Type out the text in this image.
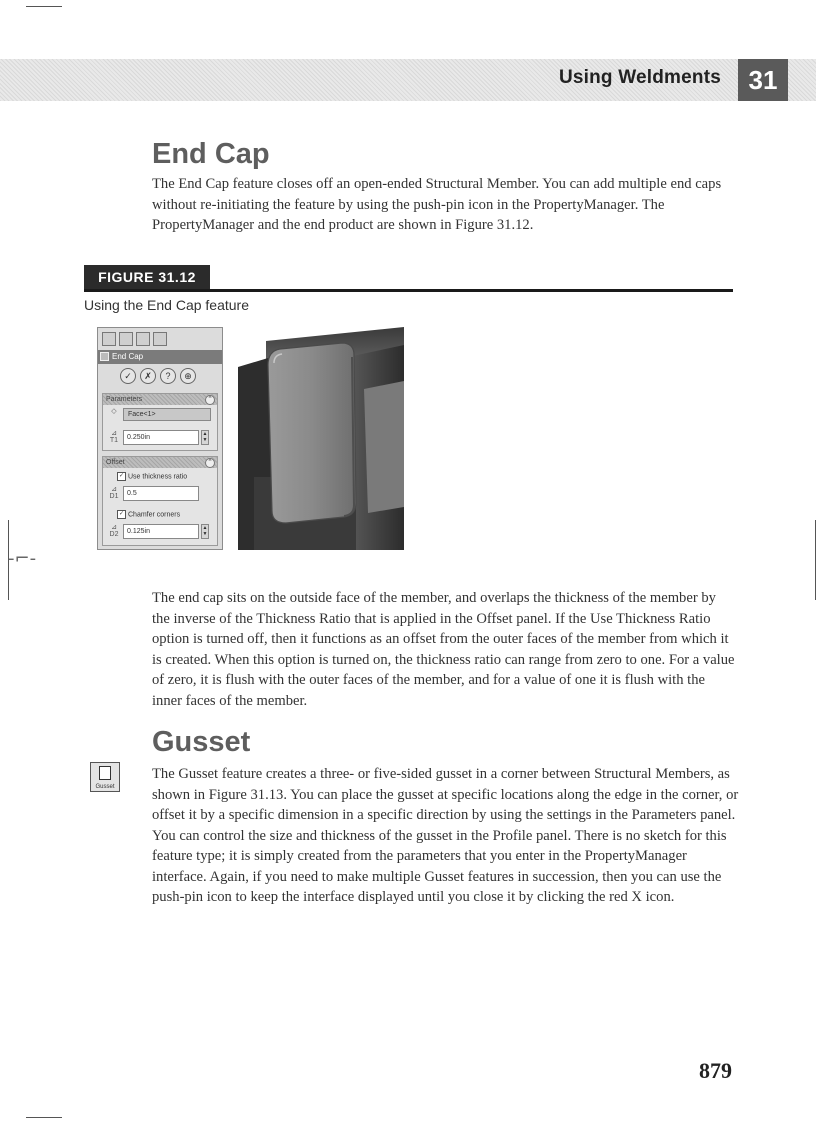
Using Weldments	31
End Cap

The End Cap feature closes off an open-ended Structural Member. You can add multiple end caps without re-initiating the feature by using the push-pin icon in the PropertyManager. The PropertyManager and the end product are shown in Figure 31.12.

FIGURE 31.12
Using the End Cap feature
End Cap
✓	✗	?	⊕
Parameters	^
◇	Face<1>
⊿
T1	0.250in	▲
▼
Offset	^
✓ Use thickness ratio
⊿
D1	0.5
✓ Chamfer corners
⊿
D2	0.125in	▲
▼
-⌐-

The end cap sits on the outside face of the member, and overlaps the thickness of the member by the inverse of the Thickness Ratio that is applied in the Offset panel. If the Use Thickness Ratio option is turned off, then it functions as an offset from the outer faces of the member from which it is created. When this option is turned on, the thickness ratio can range from zero to one. For a value of zero, it is flush with the outer faces of the member, and for a value of one it is flush with the inner faces of the member.

Gusset
Gusset

The Gusset feature creates a three- or five-sided gusset in a corner between Structural Members, as shown in Figure 31.13. You can place the gusset at specific locations along the edge in the corner, or offset it by a specific dimension in a specific direction by using the settings in the Parameters panel. You can control the size and thickness of the gusset in the Profile panel. There is no sketch for this feature type; it is simply created from the parameters that you enter in the PropertyManager interface. Again, if you need to make multiple Gusset features in succession, then you can use the push-pin icon to keep the interface displayed until you close it by clicking the red X icon.

879
